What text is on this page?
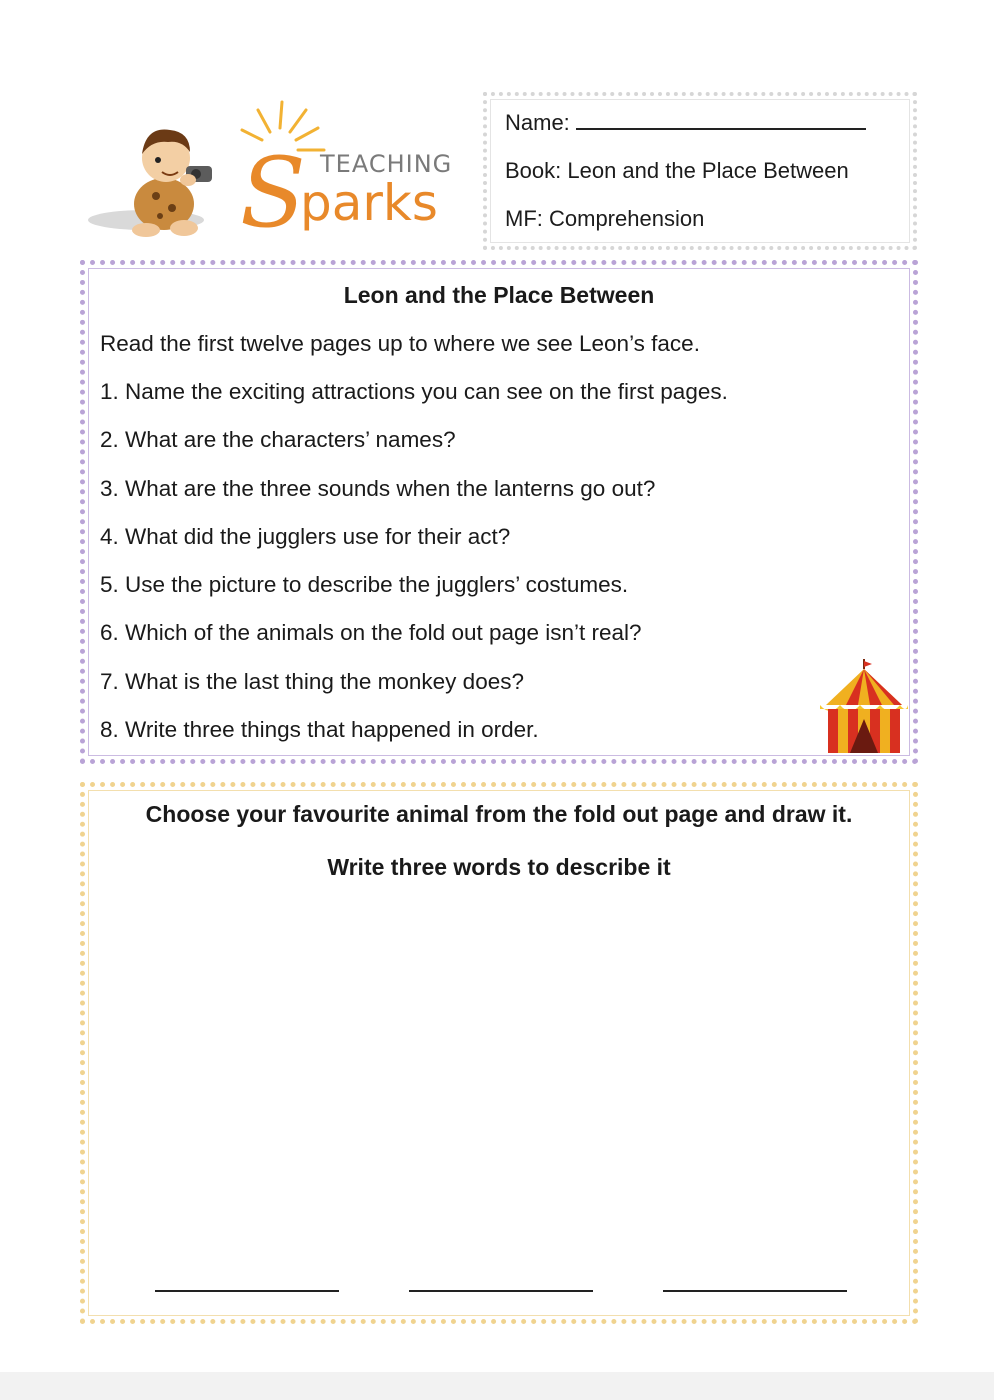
S TEACHING
parks
Name:
Book: Leon and the Place Between
MF: Comprehension
Leon and the Place Between
Read the first twelve pages up to where we see Leon’s face.
1. Name the exciting attractions you can see on the first pages.
2. What are the characters’ names?
3. What are the three sounds when the lanterns go out?
4. What did the jugglers use for their act?
5. Use the picture to describe the jugglers’ costumes.
6. Which of the animals on the fold out page isn’t real?
7. What is the last thing the monkey does?
8. Write three things that happened in order.
Choose your favourite animal from the fold out page and draw it.
Write three words to describe it
